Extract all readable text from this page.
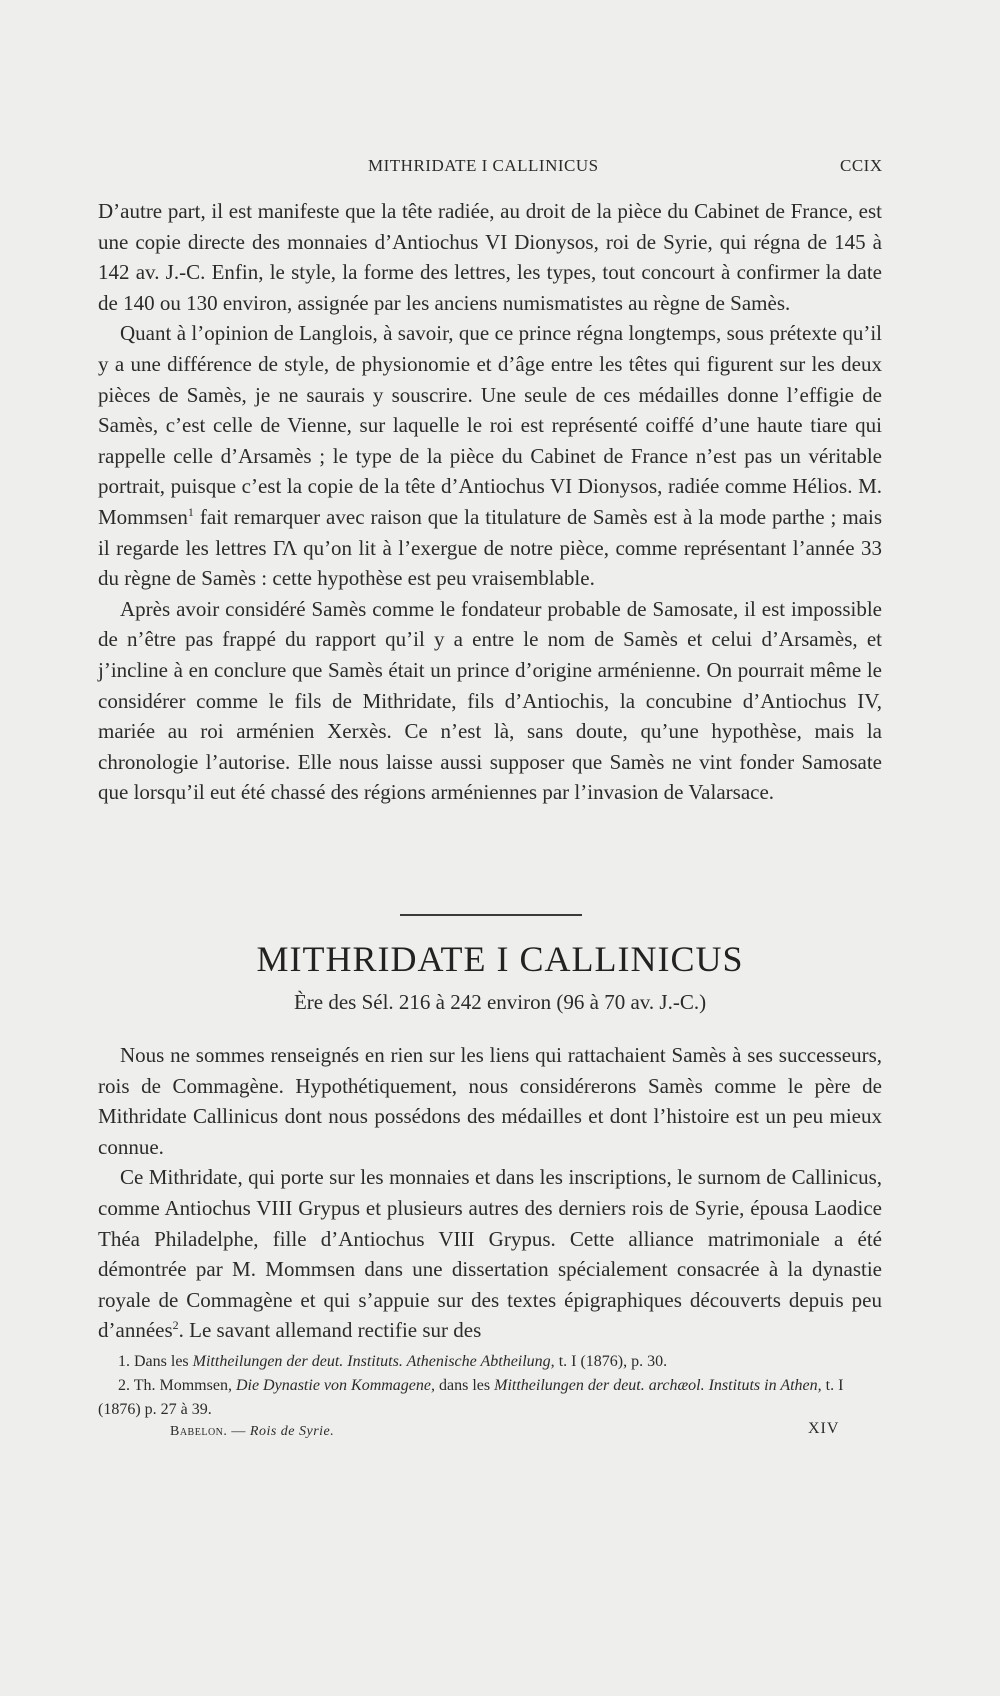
MITHRIDATE I CALLINICUS	CCIX

D’autre part, il est manifeste que la tête radiée, au droit de la pièce du Cabinet de France, est une copie directe des monnaies d’Antiochus VI Dionysos, roi de Syrie, qui régna de 145 à 142 av. J.-C. Enfin, le style, la forme des lettres, les types, tout concourt à confirmer la date de 140 ou 130 environ, assignée par les anciens numismatistes au règne de Samès.

Quant à l’opinion de Langlois, à savoir, que ce prince régna longtemps, sous prétexte qu’il y a une différence de style, de physionomie et d’âge entre les têtes qui figurent sur les deux pièces de Samès, je ne saurais y souscrire. Une seule de ces médailles donne l’effigie de Samès, c’est celle de Vienne, sur laquelle le roi est représenté coiffé d’une haute tiare qui rappelle celle d’Arsamès ; le type de la pièce du Cabinet de France n’est pas un véritable portrait, puisque c’est la copie de la tête d’Antiochus VI Dionysos, radiée comme Hélios. M. Mommsen$^1$ fait remarquer avec raison que la titulature de Samès est à la mode parthe ; mais il regarde les lettres ΓΛ qu’on lit à l’exergue de notre pièce, comme représentant l’année 33 du règne de Samès : cette hypothèse est peu vraisemblable.

Après avoir considéré Samès comme le fondateur probable de Samosate, il est impossible de n’être pas frappé du rapport qu’il y a entre le nom de Samès et celui d’Arsamès, et j’incline à en conclure que Samès était un prince d’origine arménienne. On pourrait même le considérer comme le fils de Mithridate, fils d’Antiochis, la concubine d’Antiochus IV, mariée au roi arménien Xerxès. Ce n’est là, sans doute, qu’une hypothèse, mais la chronologie l’autorise. Elle nous laisse aussi supposer que Samès ne vint fonder Samosate que lorsqu’il eut été chassé des régions arméniennes par l’invasion de Valarsace.

MITHRIDATE I CALLINICUS
Ère des Sél. 216 à 242 environ (96 à 70 av. J.-C.)

Nous ne sommes renseignés en rien sur les liens qui rattachaient Samès à ses successeurs, rois de Commagène. Hypothétiquement, nous considérerons Samès comme le père de Mithridate Callinicus dont nous possédons des médailles et dont l’histoire est un peu mieux connue.

Ce Mithridate, qui porte sur les monnaies et dans les inscriptions, le surnom de Callinicus, comme Antiochus VIII Grypus et plusieurs autres des derniers rois de Syrie, épousa Laodice Théa Philadelphe, fille d’Antiochus VIII Grypus. Cette alliance matrimoniale a été démontrée par M. Mommsen dans une dissertation spécialement consacrée à la dynastie royale de Commagène et qui s’appuie sur des textes épigraphiques découverts depuis peu d’années$^2$. Le savant allemand rectifie sur des

1. Dans les Mittheilungen der deut. Instituts. Athenische Abtheilung, t. I (1876), p. 30.

2. Th. Mommsen, Die Dynastie von Kommagene, dans les Mittheilungen der deut. archæol. Instituts in Athen, t. I (1876) p. 27 à 39.

Babelon. — Rois de Syrie.	XIV
